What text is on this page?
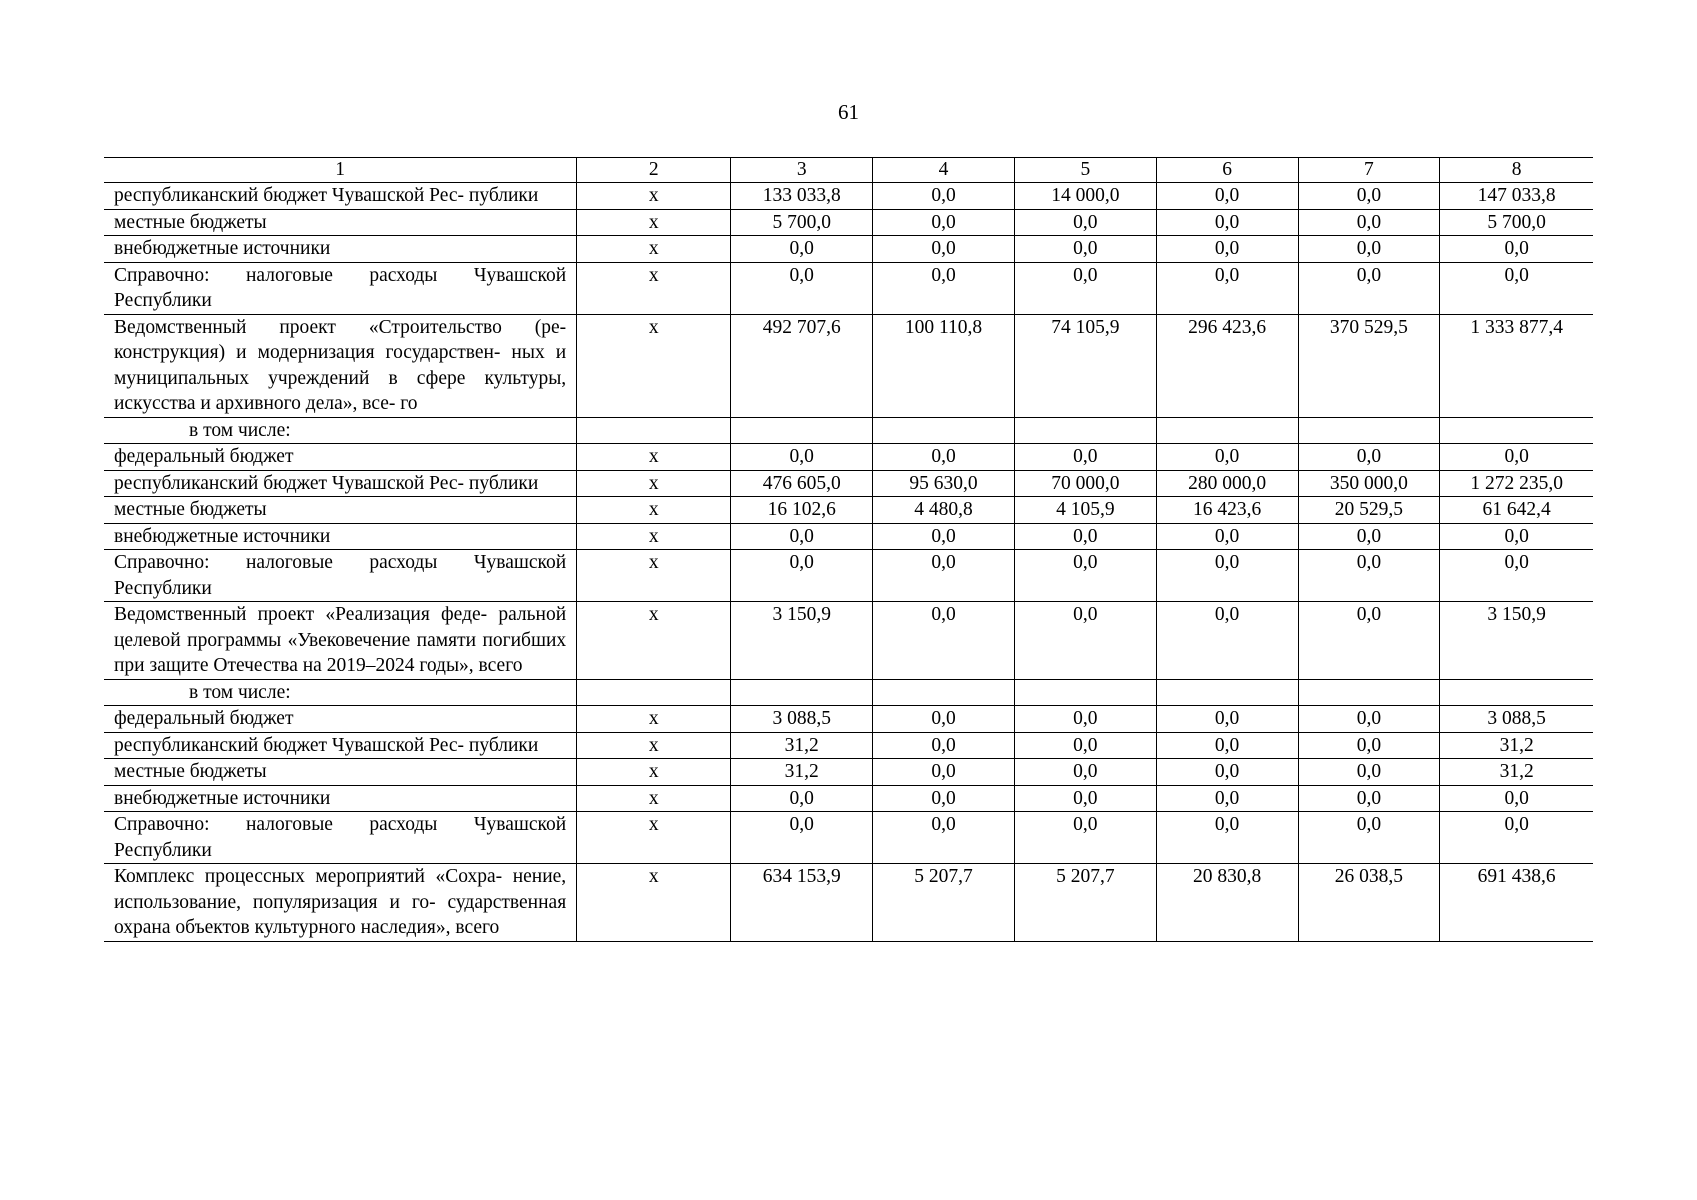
61
1	2	3	4	5	6	7	8
республиканский бюджет Чувашской Рес- публики	х	133 033,8	0,0	14 000,0	0,0	0,0	147 033,8
местные бюджеты	х	5 700,0	0,0	0,0	0,0	0,0	5 700,0
внебюджетные источники	х	0,0	0,0	0,0	0,0	0,0	0,0
Справочно: налоговые расходы Чувашской Республики	х	0,0	0,0	0,0	0,0	0,0	0,0
Ведомственный проект «Строительство (ре- конструкция) и модернизация государствен- ных и муниципальных учреждений в сфере культуры, искусства и архивного дела», все- го	х	492 707,6	100 110,8	74 105,9	296 423,6	370 529,5	1 333 877,4
в том числе:							
федеральный бюджет	х	0,0	0,0	0,0	0,0	0,0	0,0
республиканский бюджет Чувашской Рес- публики	х	476 605,0	95 630,0	70 000,0	280 000,0	350 000,0	1 272 235,0
местные бюджеты	х	16 102,6	4 480,8	4 105,9	16 423,6	20 529,5	61 642,4
внебюджетные источники	х	0,0	0,0	0,0	0,0	0,0	0,0
Справочно: налоговые расходы Чувашской Республики	х	0,0	0,0	0,0	0,0	0,0	0,0
Ведомственный проект «Реализация феде- ральной целевой программы «Увековечение памяти погибших при защите Отечества на 2019–2024 годы», всего	х	3 150,9	0,0	0,0	0,0	0,0	3 150,9
в том числе:							
федеральный бюджет	х	3 088,5	0,0	0,0	0,0	0,0	3 088,5
республиканский бюджет Чувашской Рес- публики	х	31,2	0,0	0,0	0,0	0,0	31,2
местные бюджеты	х	31,2	0,0	0,0	0,0	0,0	31,2
внебюджетные источники	х	0,0	0,0	0,0	0,0	0,0	0,0
Справочно: налоговые расходы Чувашской Республики	х	0,0	0,0	0,0	0,0	0,0	0,0
Комплекс процессных мероприятий «Сохра- нение, использование, популяризация и го- сударственная охрана объектов культурного наследия», всего	х	634 153,9	5 207,7	5 207,7	20 830,8	26 038,5	691 438,6
